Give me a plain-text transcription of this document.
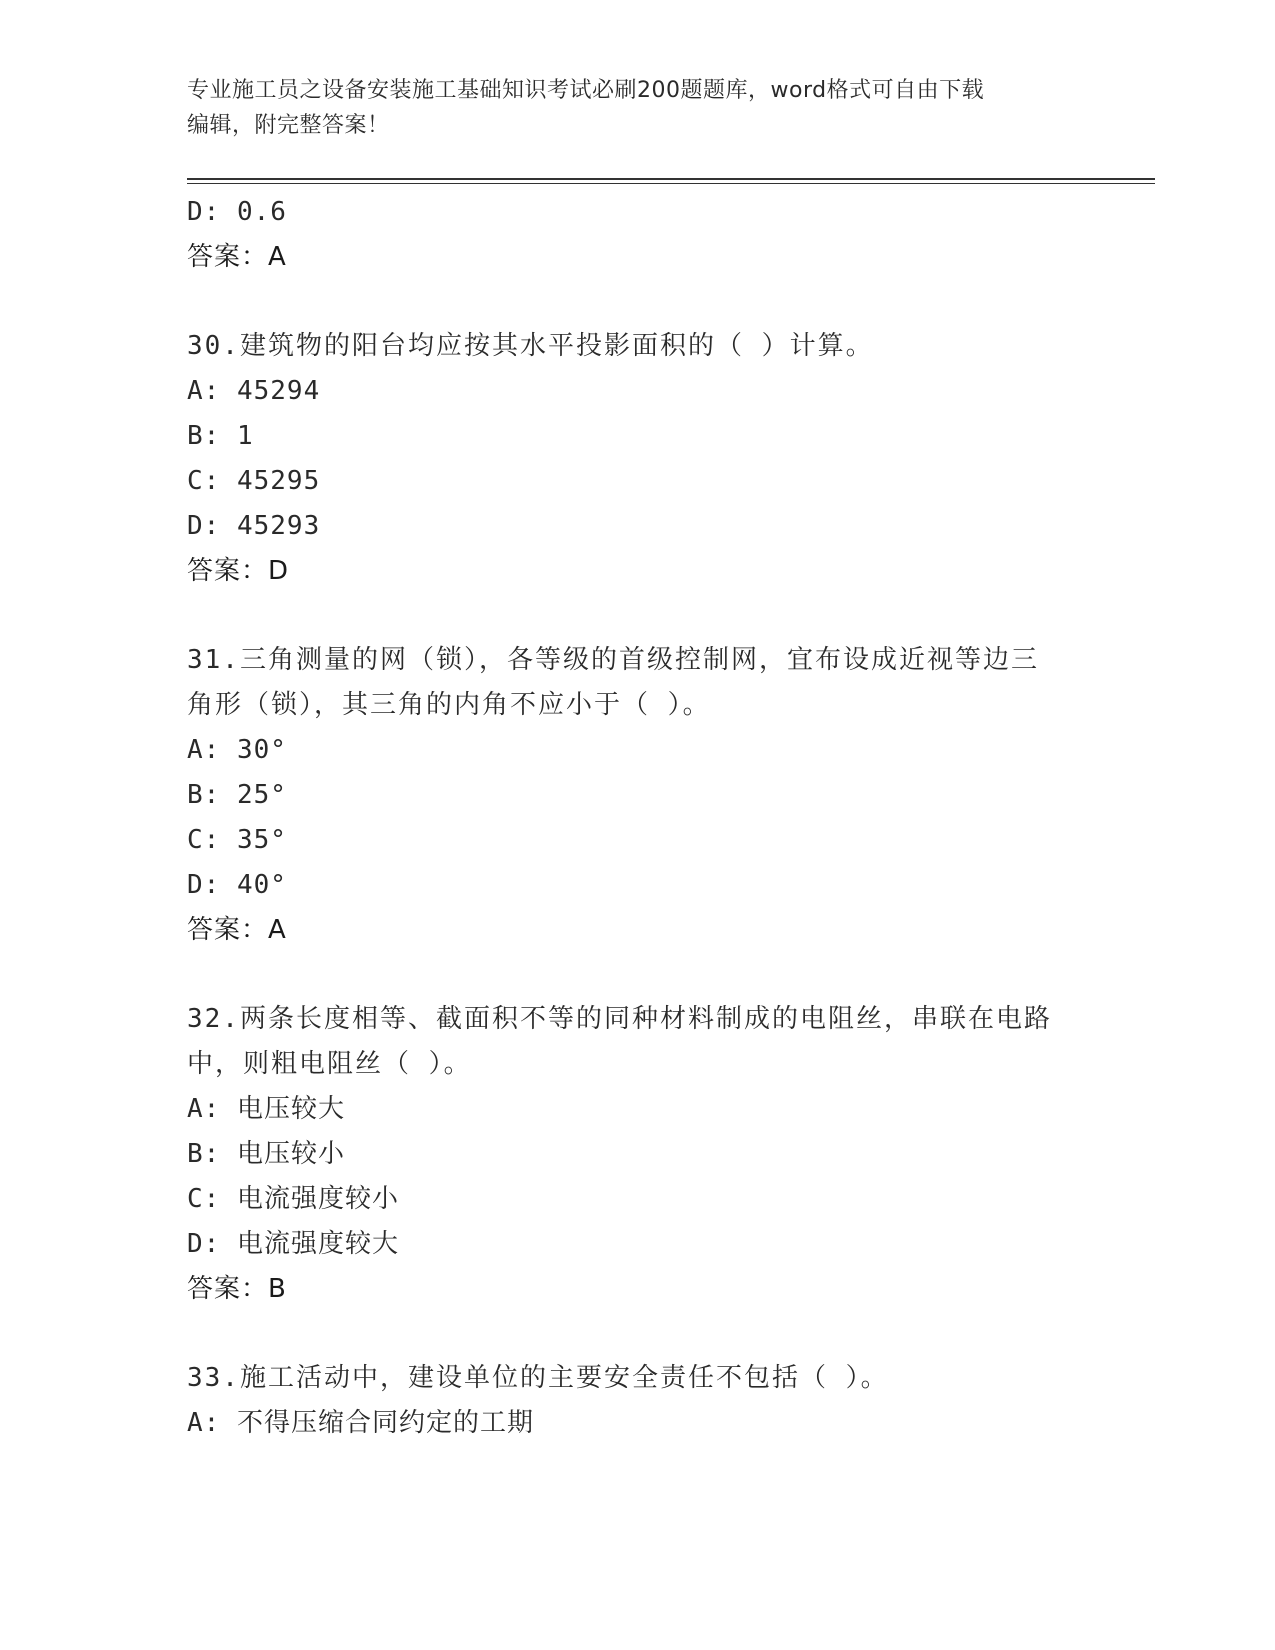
专业施工员之设备安装施工基础知识考试必刷200题题库，word格式可自由下载
编辑，附完整答案！
D: 0.6
答案：A
30.建筑物的阳台均应按其水平投影面积的（ ）计算。
A: 45294
B: 1
C: 45295
D: 45293
答案：D
31.三角测量的网（锁），各等级的首级控制网，宜布设成近视等边三
角形（锁），其三角的内角不应小于（ ）。
A: 30°
B: 25°
C: 35°
D: 40°
答案：A
32.两条长度相等、截面积不等的同种材料制成的电阻丝，串联在电路
中，则粗电阻丝（ ）。
A: 电压较大
B: 电压较小
C: 电流强度较小
D: 电流强度较大
答案：B
33.施工活动中，建设单位的主要安全责任不包括（ ）。
A: 不得压缩合同约定的工期
